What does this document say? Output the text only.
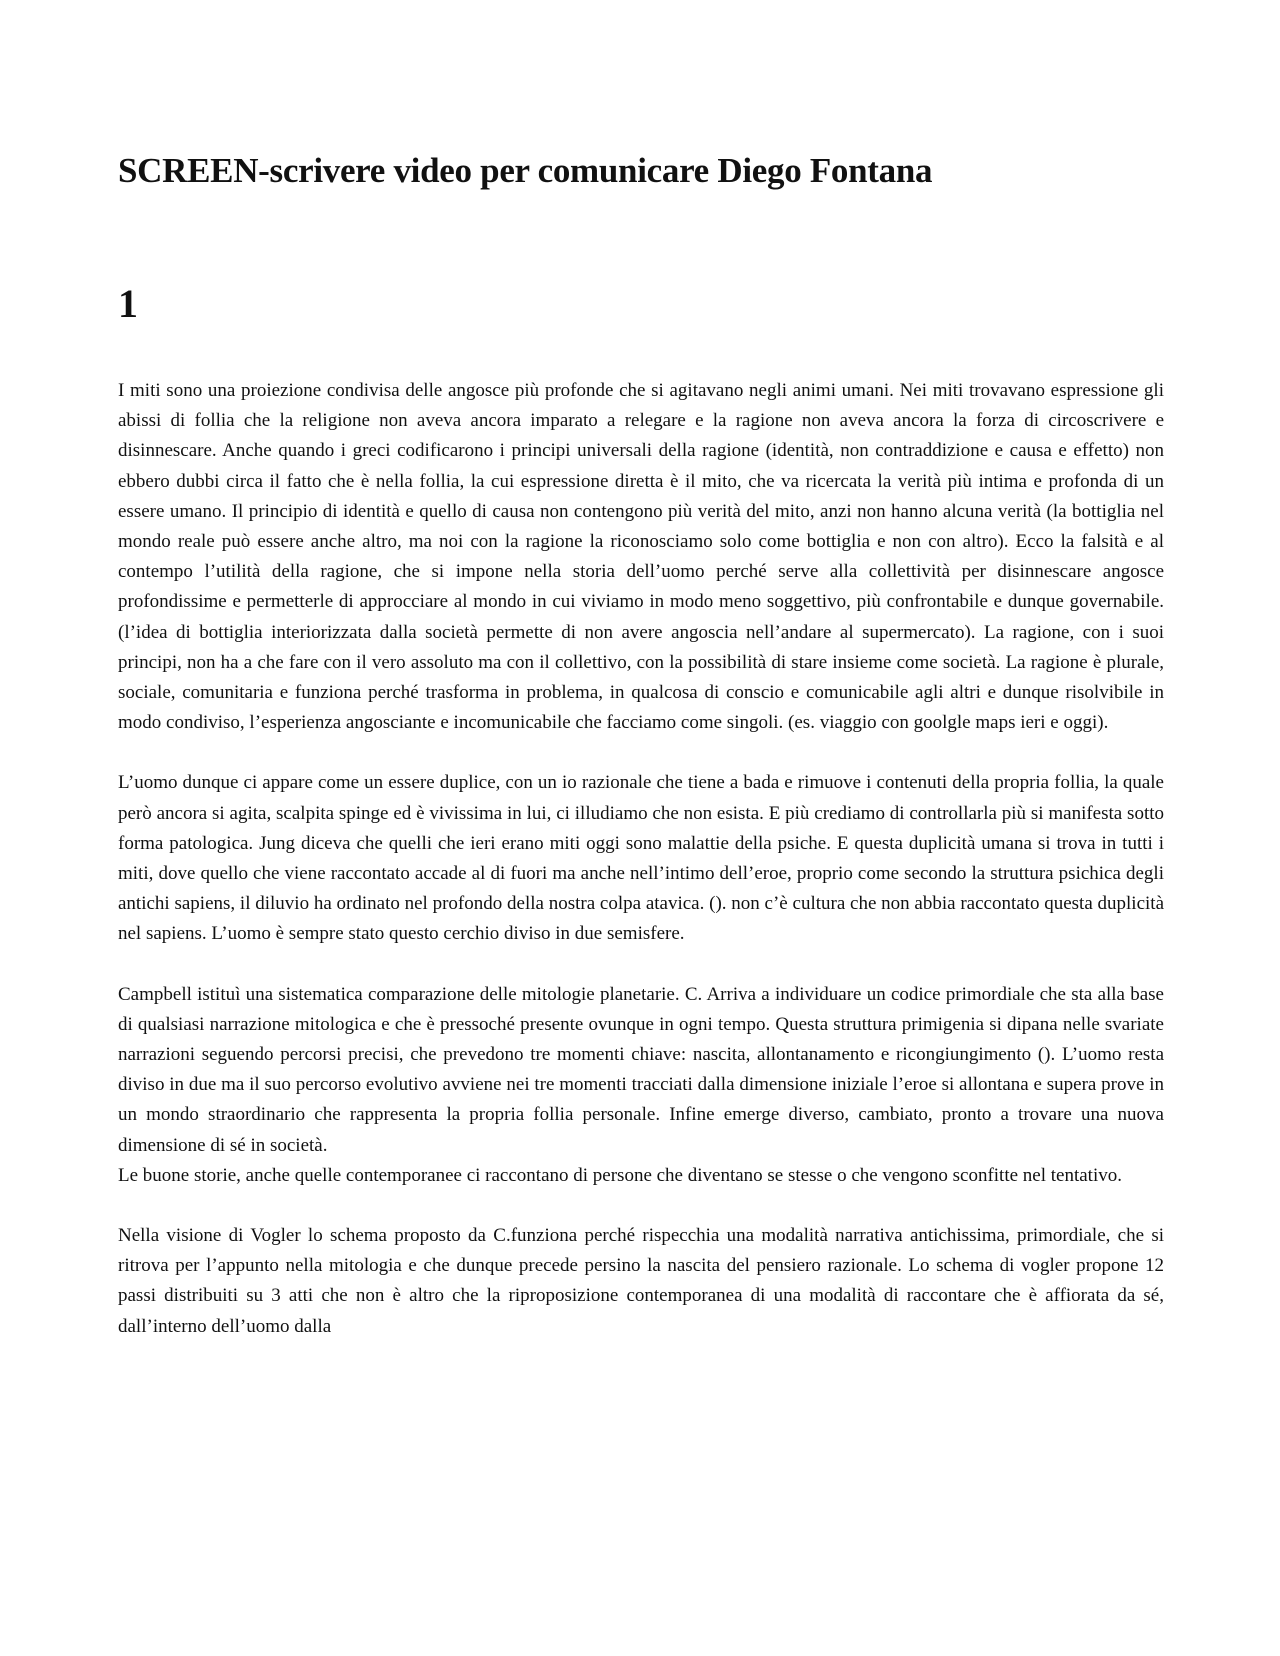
SCREEN-scrivere video per comunicare Diego Fontana
1

I miti sono una proiezione condivisa delle angosce più profonde che si agitavano negli animi umani. Nei miti trovavano espressione gli abissi di follia che la religione non aveva ancora imparato a relegare e la ragione non aveva ancora la forza di circoscrivere e disinnescare. Anche quando i greci codificarono i principi universali della ragione (identità, non contraddizione e causa e effetto) non ebbero dubbi circa il fatto che è nella follia, la cui espressione diretta è il mito, che va ricercata la verità più intima e profonda di un essere umano. Il principio di identità e quello di causa non contengono più verità del mito, anzi non hanno alcuna verità (la bottiglia nel mondo reale può essere anche altro, ma noi con la ragione la riconosciamo solo come bottiglia e non con altro). Ecco la falsità e al contempo l’utilità della ragione, che si impone nella storia dell’uomo perché serve alla collettività per disinnescare angosce profondissime e permetterle di approcciare al mondo in cui viviamo in modo meno soggettivo, più confrontabile e dunque governabile. (l’idea di bottiglia interiorizzata dalla società permette di non avere angoscia nell’andare al supermercato). La ragione, con i suoi principi, non ha a che fare con il vero assoluto ma con il collettivo, con la possibilità di stare insieme come società. La ragione è plurale, sociale, comunitaria e funziona perché trasforma in problema, in qualcosa di conscio e comunicabile agli altri e dunque risolvibile in modo condiviso, l’esperienza angosciante e incomunicabile che facciamo come singoli. (es. viaggio con goolgle maps ieri e oggi).

L’uomo dunque ci appare come un essere duplice, con un io razionale che tiene a bada e rimuove i contenuti della propria follia, la quale però ancora si agita, scalpita spinge ed è vivissima in lui, ci illudiamo che non esista. E più crediamo di controllarla più si manifesta sotto forma patologica. Jung diceva che quelli che ieri erano miti oggi sono malattie della psiche. E questa duplicità umana si trova in tutti i miti, dove quello che viene raccontato accade al di fuori ma anche nell’intimo dell’eroe, proprio come secondo la struttura psichica degli antichi sapiens, il diluvio ha ordinato nel profondo della nostra colpa atavica. (). non c’è cultura che non abbia raccontato questa duplicità nel sapiens. L’uomo è sempre stato questo cerchio diviso in due semisfere.

Campbell istituì una sistematica comparazione delle mitologie planetarie. C. Arriva a individuare un codice primordiale che sta alla base di qualsiasi narrazione mitologica e che è pressoché presente ovunque in ogni tempo. Questa struttura primigenia si dipana nelle svariate narrazioni seguendo percorsi precisi, che prevedono tre momenti chiave: nascita, allontanamento e ricongiungimento (). L’uomo resta diviso in due ma il suo percorso evolutivo avviene nei tre momenti tracciati dalla dimensione iniziale l’eroe si allontana e supera prove in un mondo straordinario che rappresenta la propria follia personale. Infine emerge diverso, cambiato, pronto a trovare una nuova dimensione di sé in società.

Le buone storie, anche quelle contemporanee ci raccontano di persone che diventano se stesse o che vengono sconfitte nel tentativo.

Nella visione di Vogler lo schema proposto da C.funziona perché rispecchia una modalità narrativa antichissima, primordiale, che si ritrova per l’appunto nella mitologia e che dunque precede persino la nascita del pensiero razionale. Lo schema di vogler propone 12 passi distribuiti su 3 atti che non è altro che la riproposizione contemporanea di una modalità di raccontare che è affiorata da sé, dall’interno dell’uomo dalla
